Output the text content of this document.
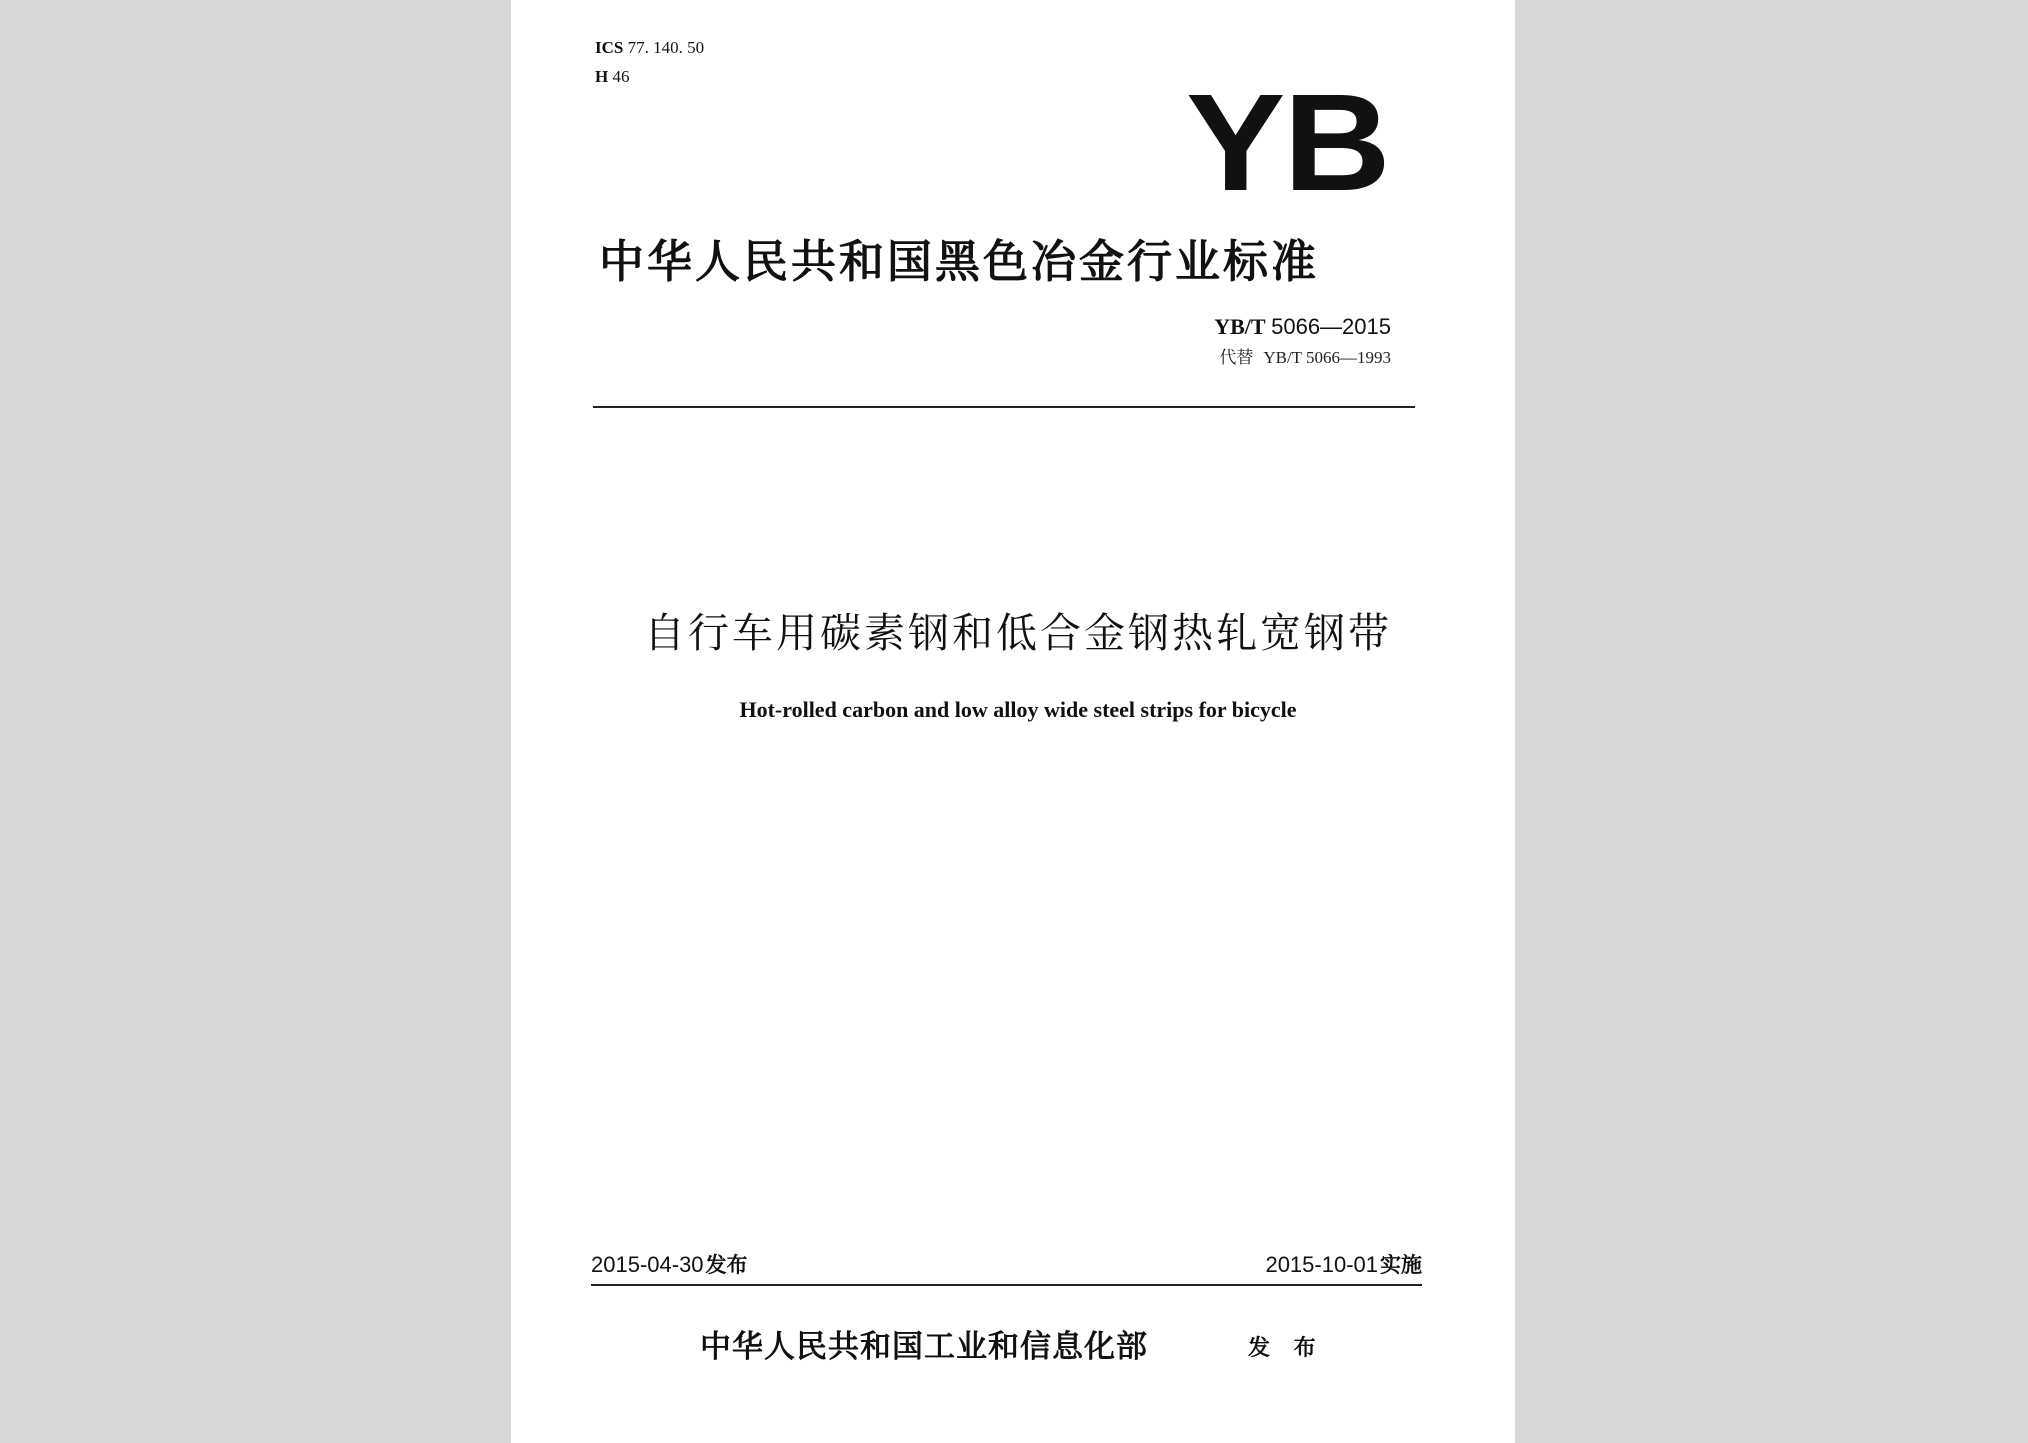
ICS 77. 140. 50

H 46	YB
中华人民共和国黑色冶金行业标准
YB/T 5066—2015
代替 YB/T 5066—1993
自行车用碳素钢和低合金钢热轧宽钢带
Hot-rolled carbon and low alloy wide steel strips for bicycle
2015-04-30发布	2015-10-01实施
中华人民共和国工业和信息化部	发 布
